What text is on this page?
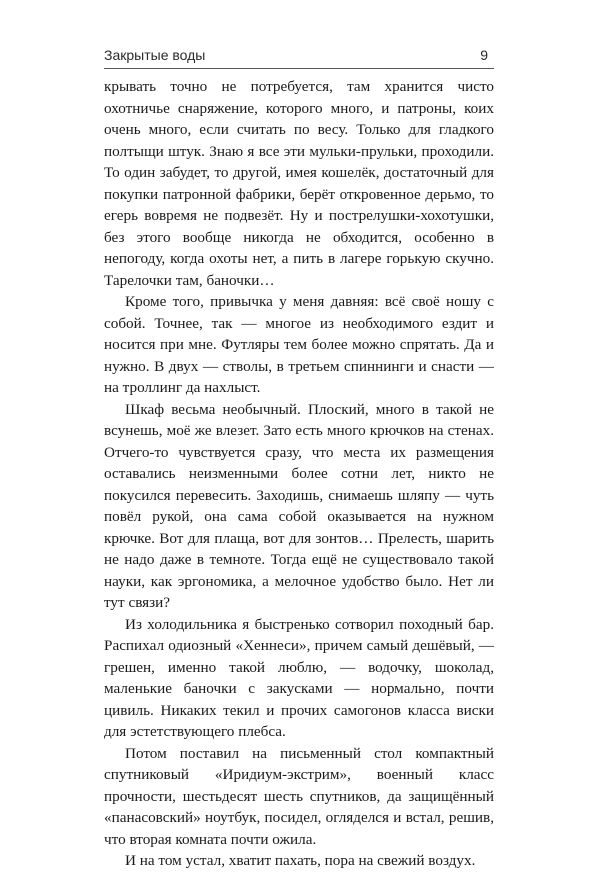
Закрытые воды	9

крывать точно не потребуется, там хранится чисто охотничье снаряжение, которого много, и патроны, коих очень много, если считать по весу. Только для гладкого полтыщи штук. Знаю я все эти мульки-прульки, проходили. То один забудет, то другой, имея кошелёк, достаточный для покупки патронной фабрики, берёт откровенное дерьмо, то егерь вовремя не подвезёт. Ну и пострелушки-хохотушки, без этого вообще никогда не обходится, особенно в непогоду, когда охоты нет, а пить в лагере горькую скучно. Тарелочки там, баночки…

Кроме того, привычка у меня давняя: всё своё ношу с собой. Точнее, так — многое из необходимого ездит и носится при мне. Футляры тем более можно спрятать. Да и нужно. В двух — стволы, в третьем спиннинги и снасти — на троллинг да нахлыст.

Шкаф весьма необычный. Плоский, много в такой не всунешь, моё же влезет. Зато есть много крючков на стенах. Отчего-то чувствуется сразу, что места их размещения оставались неизменными более сотни лет, никто не покусился перевесить. Заходишь, снимаешь шляпу — чуть повёл рукой, она сама собой оказывается на нужном крючке. Вот для плаща, вот для зонтов… Прелесть, шарить не надо даже в темноте. Тогда ещё не существовало такой науки, как эргономика, а мелочное удобство было. Нет ли тут связи?

Из холодильника я быстренько сотворил походный бар. Распихал одиозный «Хеннеси», причем самый дешёвый, — грешен, именно такой люблю, — водочку, шоколад, маленькие баночки с закусками — нормально, почти цивиль. Никаких текил и прочих самогонов класса виски для эстетствующего плебса.

Потом поставил на письменный стол компактный спутниковый «Иридиум-экстрим», военный класс прочности, шестьдесят шесть спутников, да защищённый «панасовский» ноутбук, посидел, огляделся и встал, решив, что вторая комната почти ожила.

И на том устал, хватит пахать, пора на свежий воздух.
